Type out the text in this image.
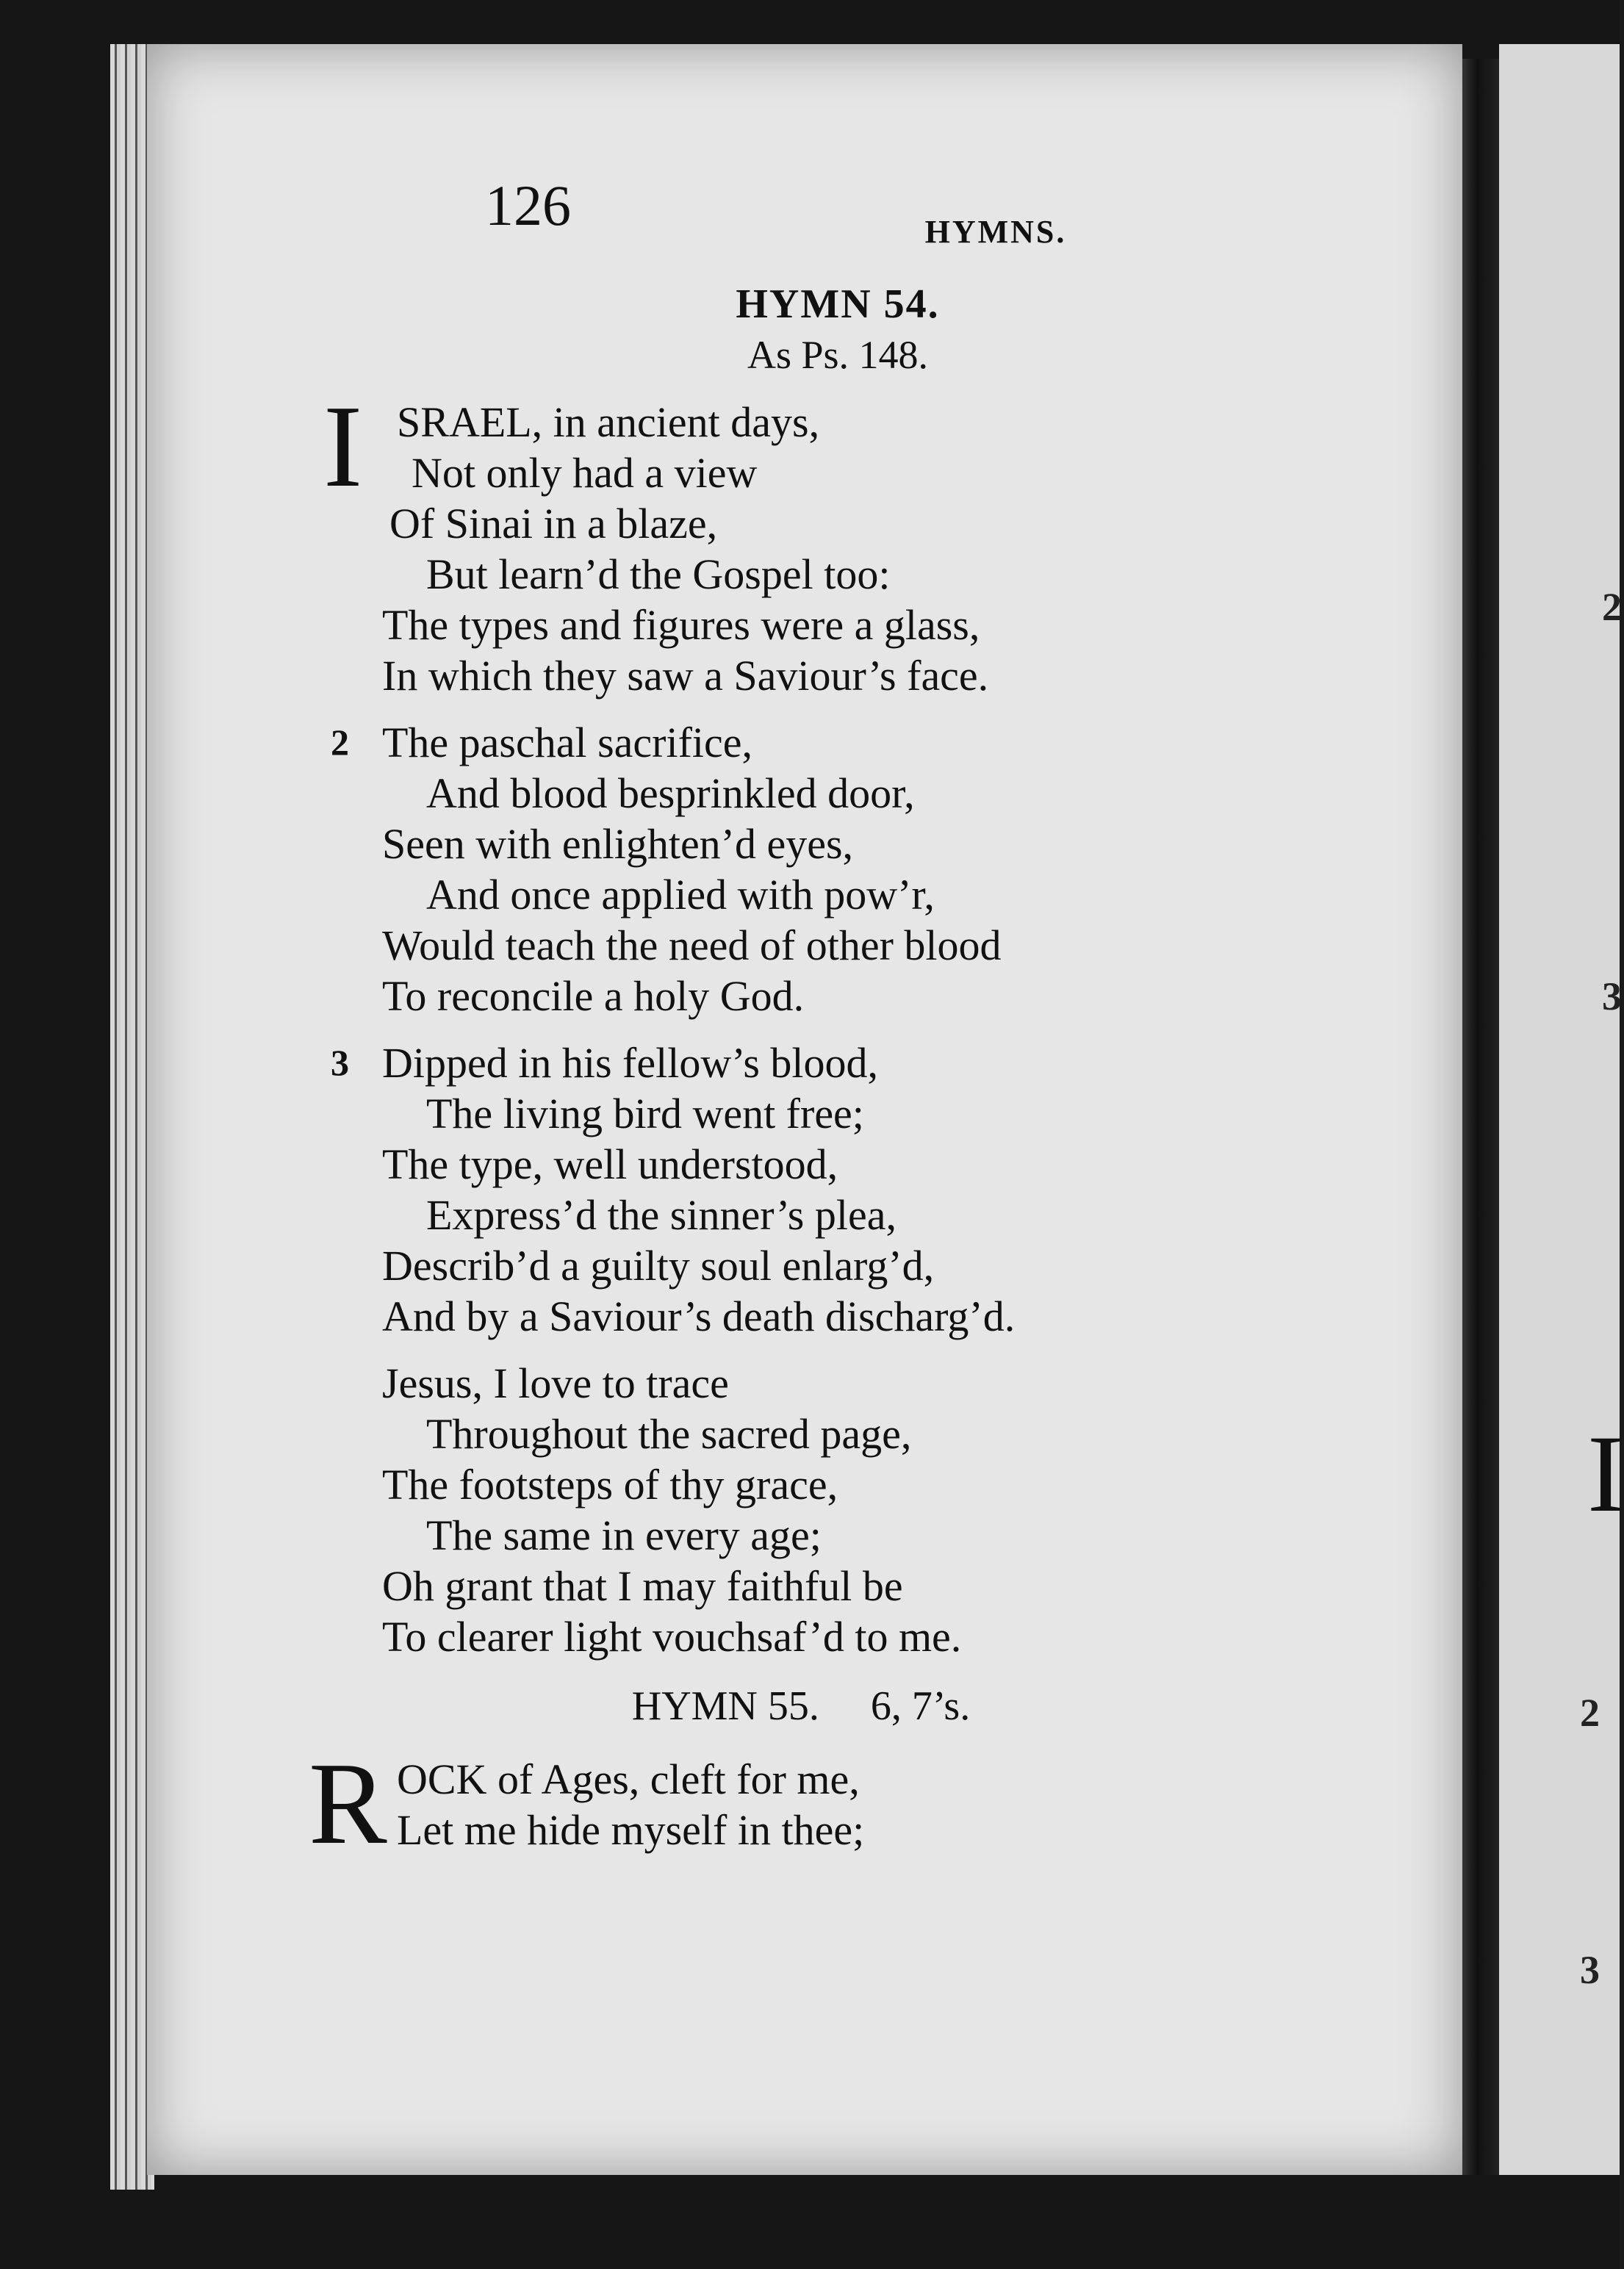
126	HYMNS.
HYMN 54.
As Ps. 148.
I SRAEL, in ancient days,
Not only had a view
Of Sinai in a blaze,
But learn’d the Gospel too:
The types and figures were a glass,
In which they saw a Saviour’s face.
2 The paschal sacrifice,
And blood besprinkled door,
Seen with enlighten’d eyes,
And once applied with pow’r,
Would teach the need of other blood
To reconcile a holy God.
3 Dipped in his fellow’s blood,
The living bird went free;
The type, well understood,
Express’d the sinner’s plea,
Describ’d a guilty soul enlarg’d,
And by a Saviour’s death discharg’d.
Jesus, I love to trace
Throughout the sacred page,
The footsteps of thy grace,
The same in every age;
Oh grant that I may faithful be
To clearer light vouchsaf’d to me.
HYMN 55. 6, 7’s.
R OCK of Ages, cleft for me,
Let me hide myself in thee;
2
3
I
2
3
